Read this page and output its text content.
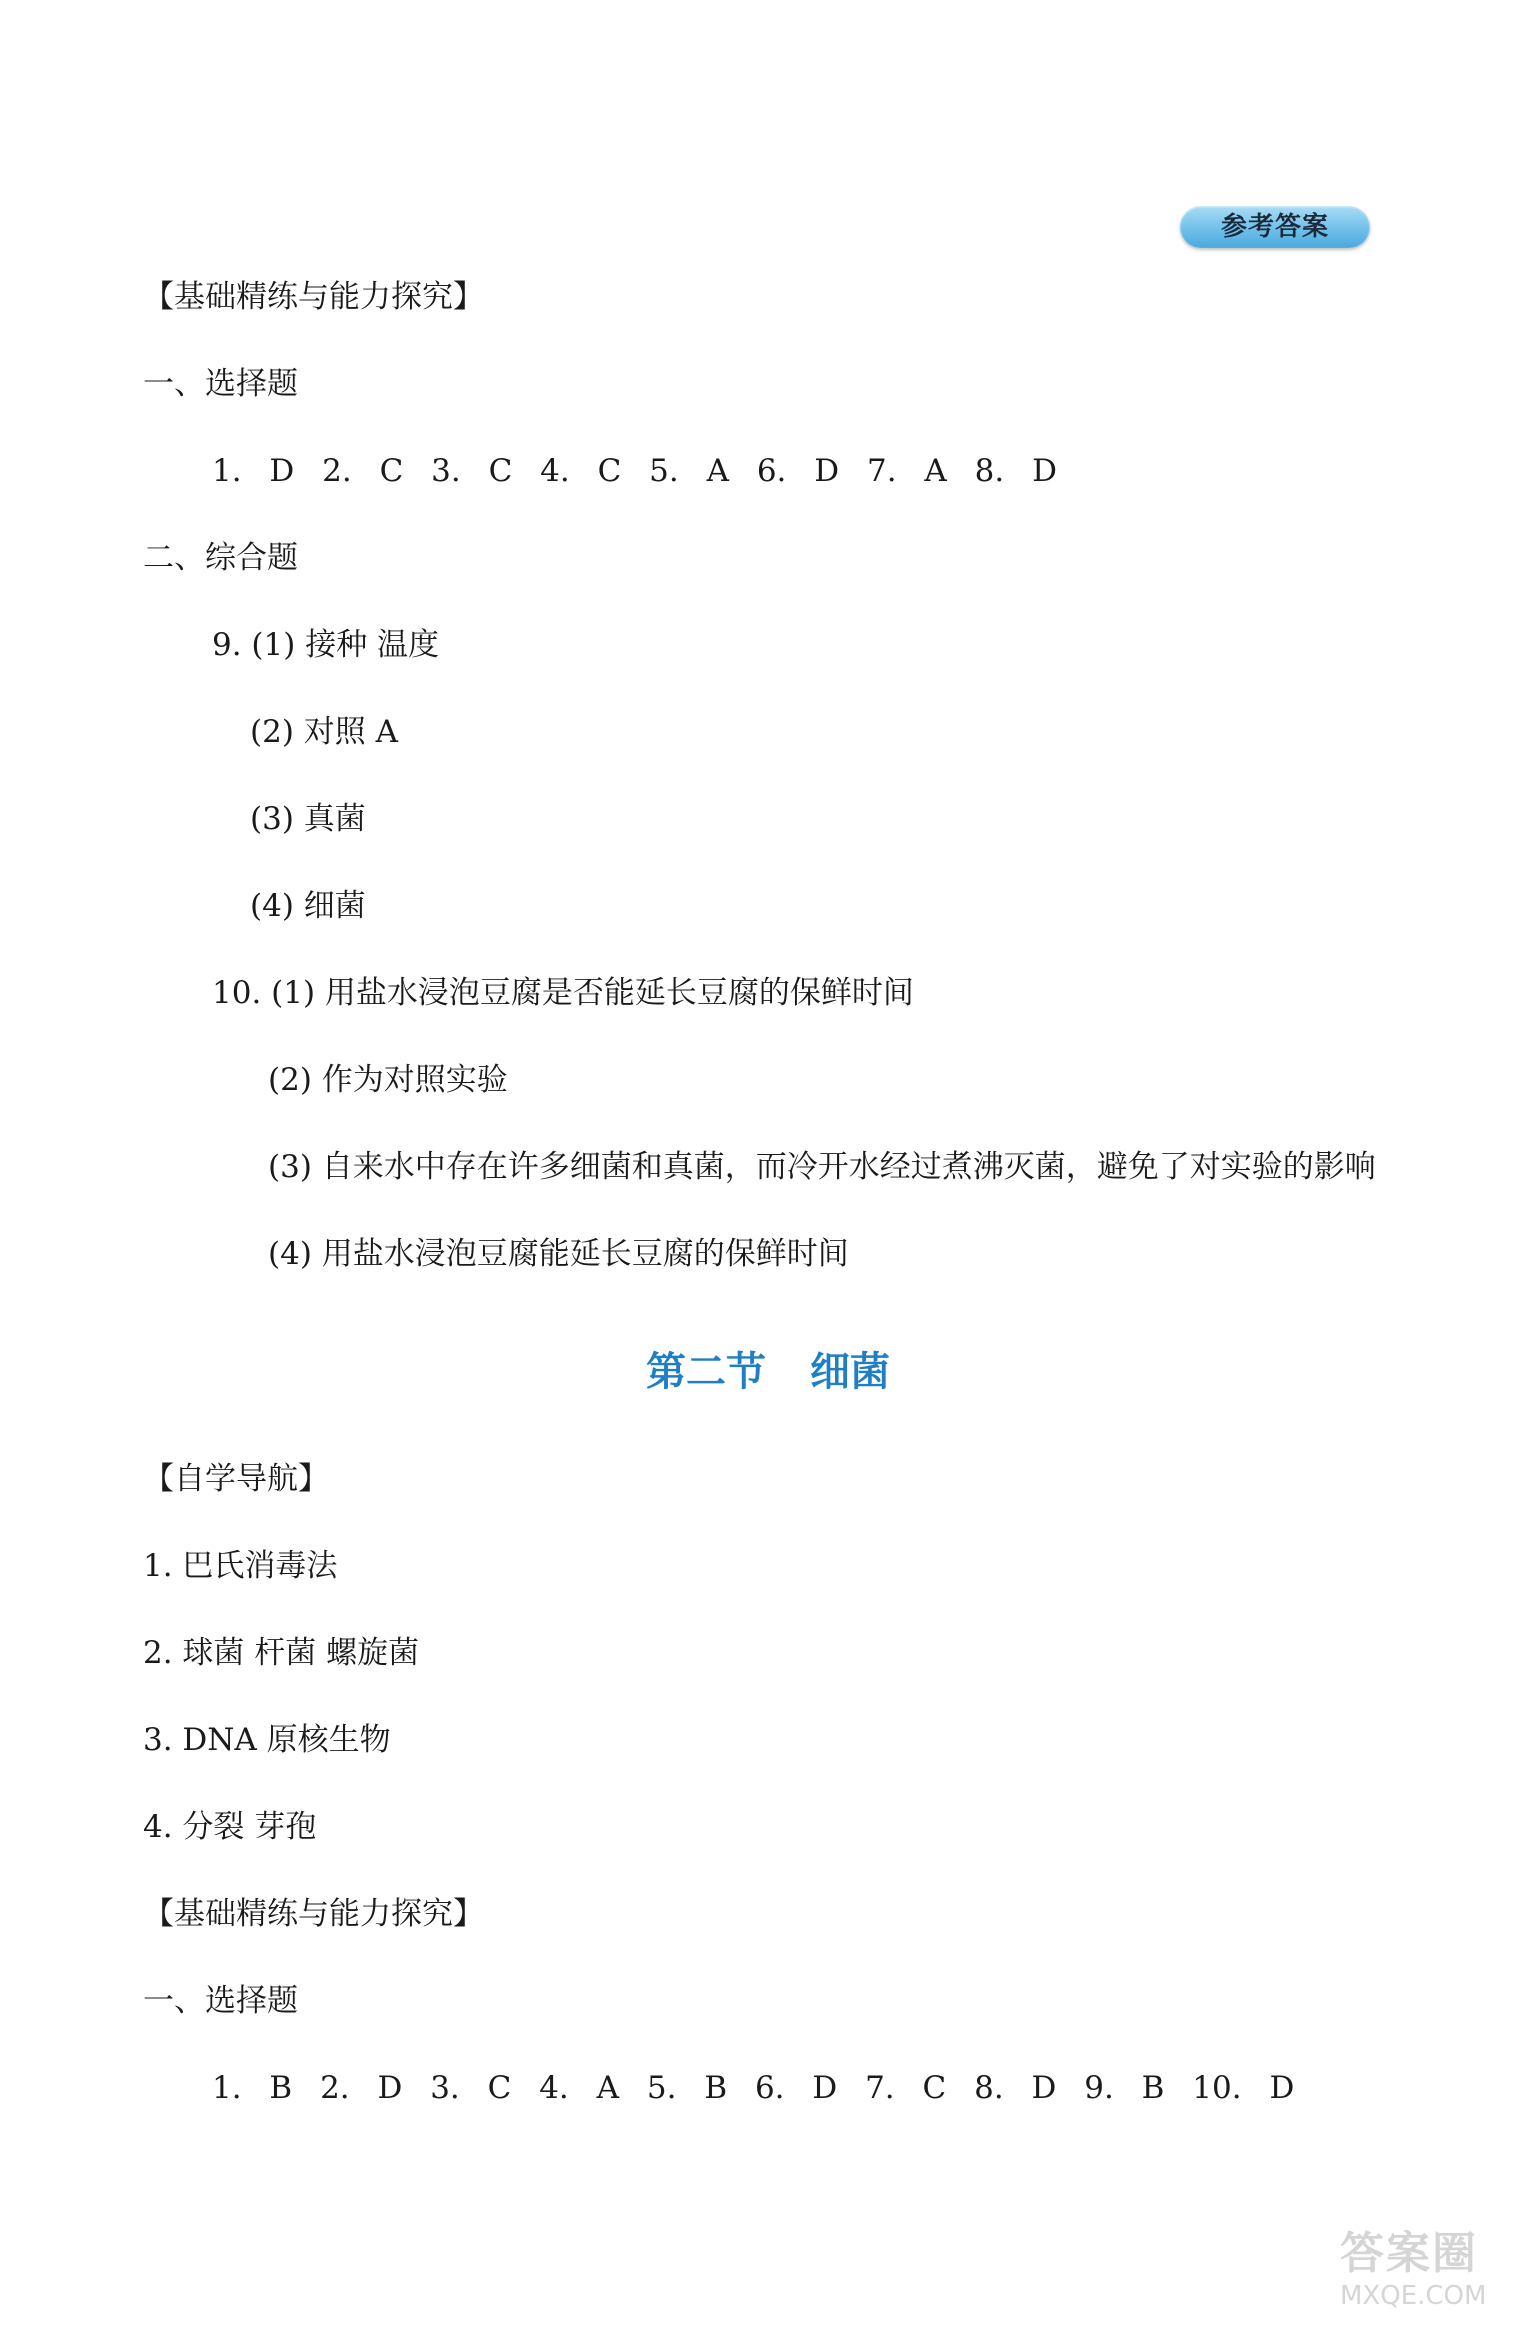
参考答案
【基础精练与能力探究】
一、选择题
1. D 2. C 3. C 4. C 5. A 6. D 7. A 8. D
二、综合题
9. (1) 接种 温度
(2) 对照 A
(3) 真菌
(4) 细菌
10. (1) 用盐水浸泡豆腐是否能延长豆腐的保鲜时间
(2) 作为对照实验
(3) 自来水中存在许多细菌和真菌，而冷开水经过煮沸灭菌，避免了对实验的影响
(4) 用盐水浸泡豆腐能延长豆腐的保鲜时间
第二节 细菌
【自学导航】
1. 巴氏消毒法
2. 球菌 杆菌 螺旋菌
3. DNA 原核生物
4. 分裂 芽孢
【基础精练与能力探究】
一、选择题
1. B 2. D 3. C 4. A 5. B 6. D 7. C 8. D 9. B 10. D
答案圈
MXQE.COM
